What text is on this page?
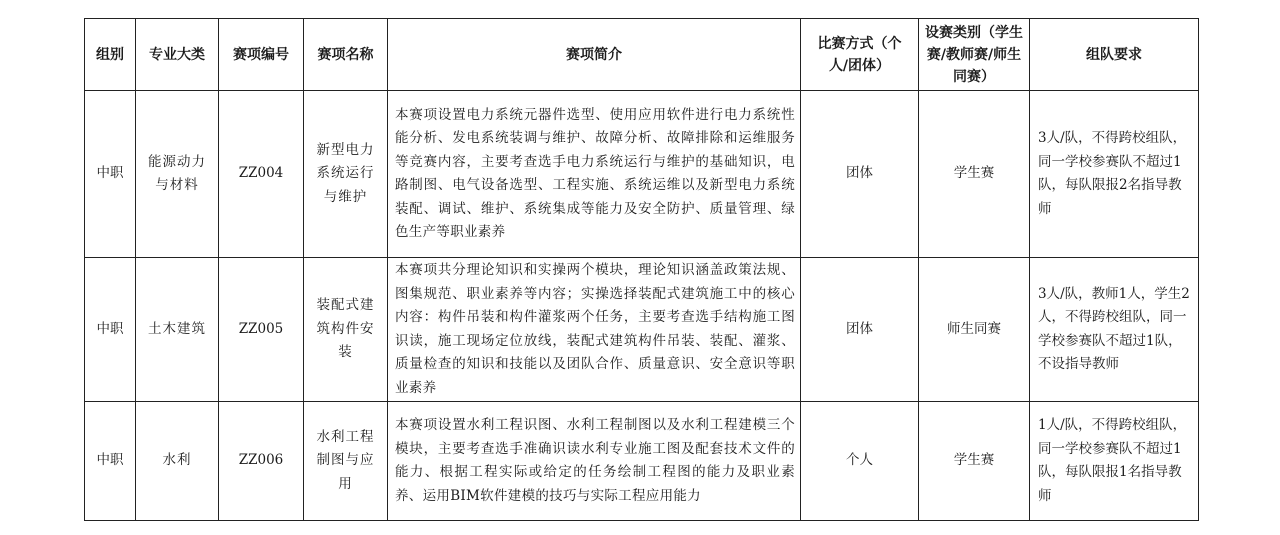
组别	专业大类	赛项编号	赛项名称	赛项简介	比赛方式（个人/团体）	设赛类别（学生赛/教师赛/师生同赛）	组队要求
中职	能源动力与材料	ZZ004	新型电力系统运行与维护	本赛项设置电力系统元器件选型、使用应用软件进行电力系统性能分析、发电系统装调与维护、故障分析、故障排除和运维服务等竞赛内容，主要考查选手电力系统运行与维护的基础知识，电路制图、电气设备选型、工程实施、系统运维以及新型电力系统装配、调试、维护、系统集成等能力及安全防护、质量管理、绿色生产等职业素养	团体	学生赛	3人/队，不得跨校组队，同一学校参赛队不超过1队，每队限报2名指导教师
中职	土木建筑	ZZ005	装配式建筑构件安装	本赛项共分理论知识和实操两个模块，理论知识涵盖政策法规、图集规范、职业素养等内容；实操选择装配式建筑施工中的核心内容：构件吊装和构件灌浆两个任务，主要考查选手结构施工图识读，施工现场定位放线，装配式建筑构件吊装、装配、灌浆、质量检查的知识和技能以及团队合作、质量意识、安全意识等职业素养	团体	师生同赛	3人/队，教师1人，学生2人，不得跨校组队，同一学校参赛队不超过1队，不设指导教师
中职	水利	ZZ006	水利工程制图与应用	本赛项设置水利工程识图、水利工程制图以及水利工程建模三个模块，主要考查选手准确识读水利专业施工图及配套技术文件的能力、根据工程实际或给定的任务绘制工程图的能力及职业素养、运用BIM软件建模的技巧与实际工程应用能力	个人	学生赛	1人/队，不得跨校组队，同一学校参赛队不超过1队，每队限报1名指导教师
